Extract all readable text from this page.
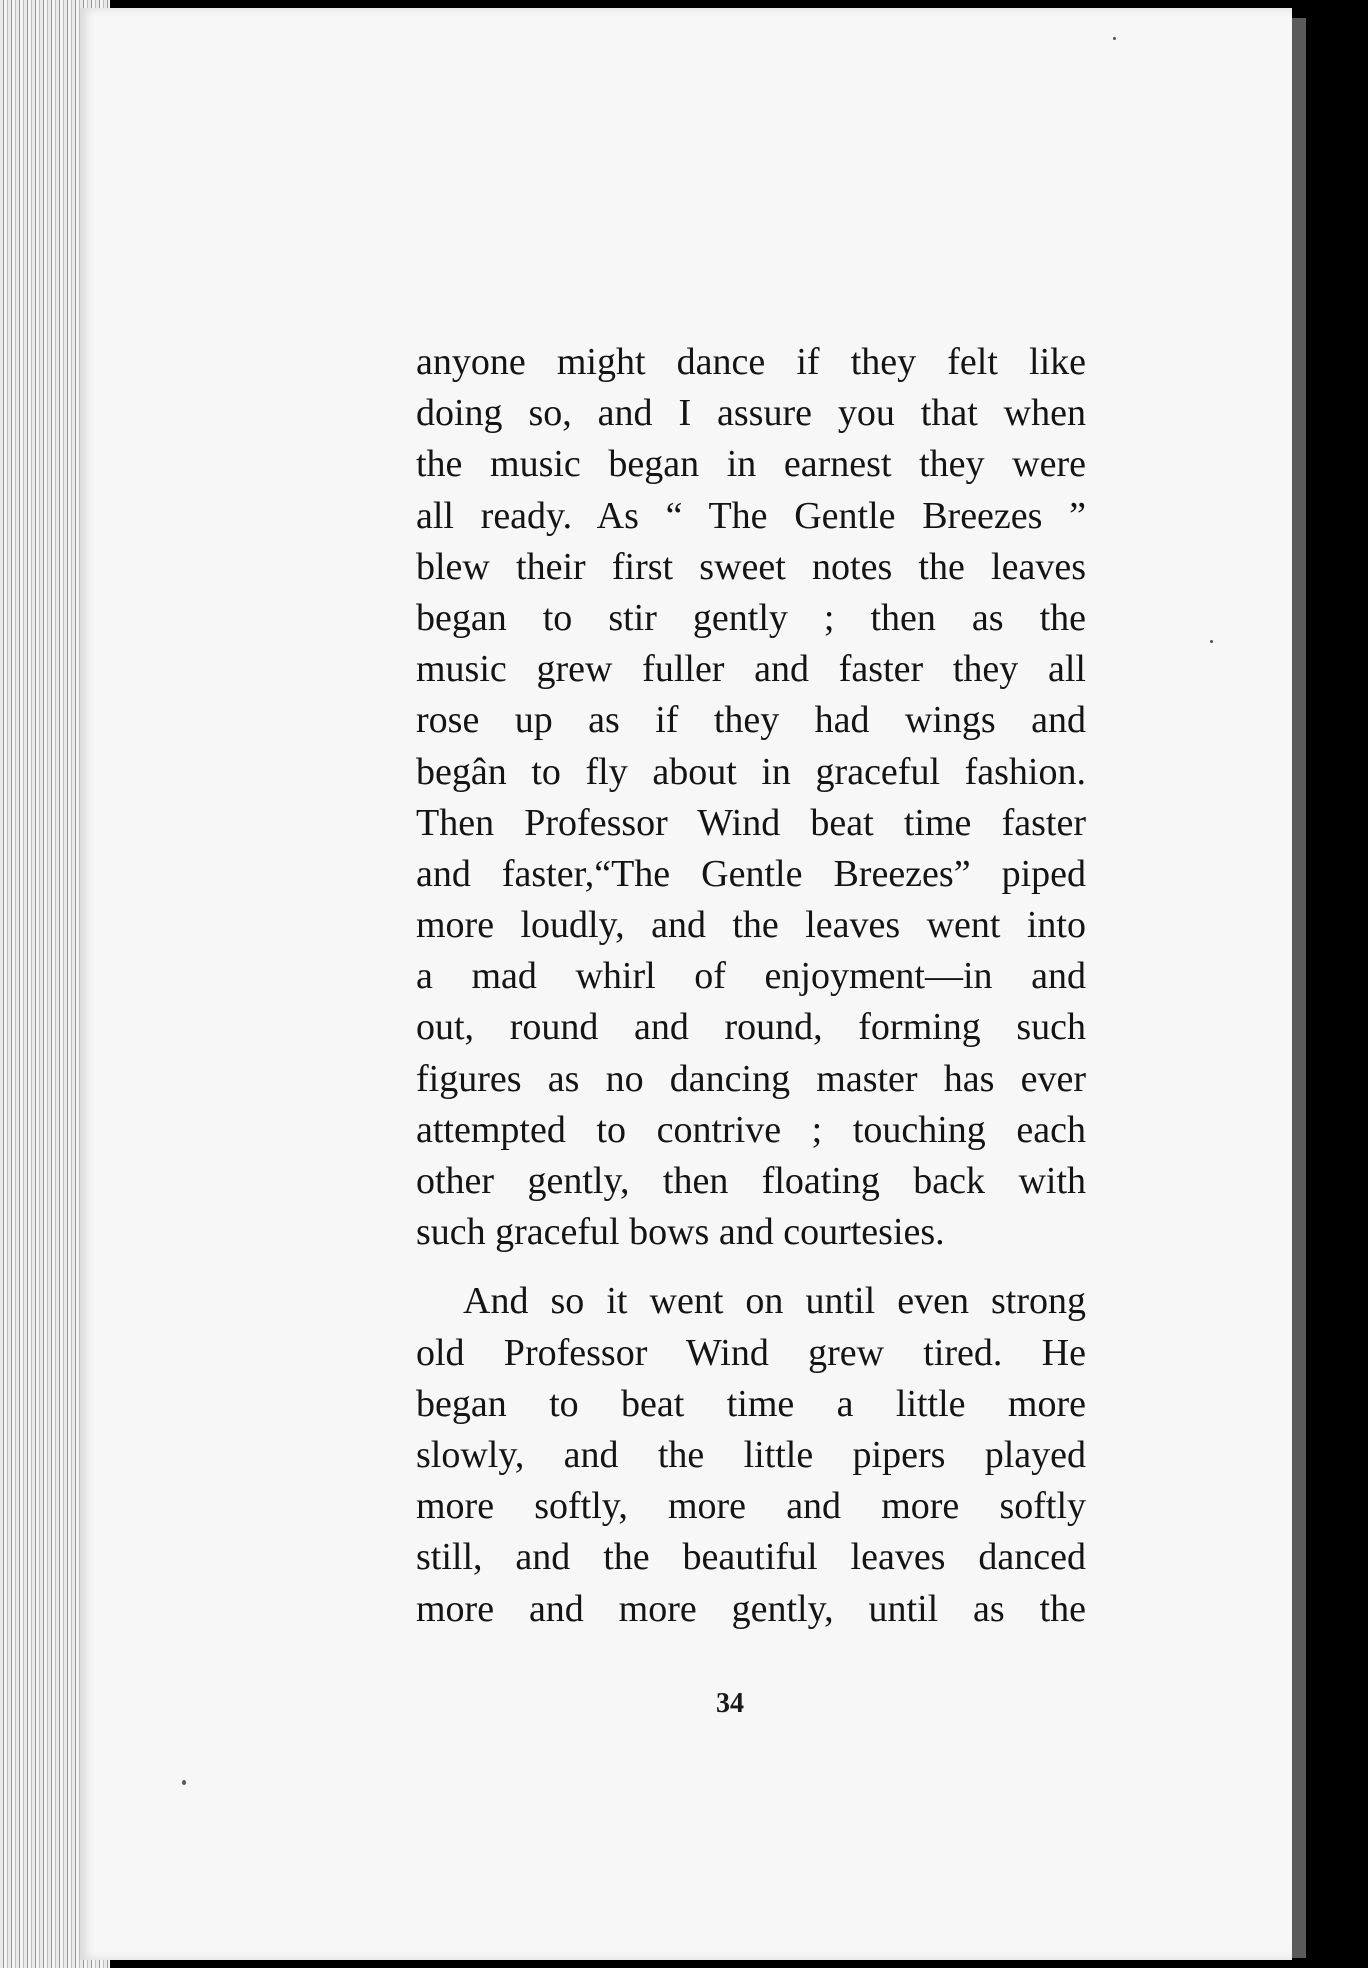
anyone might dance if they felt like
doing so, and I assure you that when
the music began in earnest they were
all ready. As “ The Gentle Breezes ”
blew their first sweet notes the leaves
began to stir gently ; then as the
music grew fuller and faster they all
rose up as if they had wings and
begân to fly about in graceful fashion.
Then Professor Wind beat time faster
and faster,“The Gentle Breezes” piped
more loudly, and the leaves went into
a mad whirl of enjoyment—in and
out, round and round, forming such
figures as no dancing master has ever
attempted to contrive ; touching each
other gently, then floating back with
such graceful bows and courtesies.
And so it went on until even strong
old Professor Wind grew tired. He
began to beat time a little more
slowly, and the little pipers played
more softly, more and more softly
still, and the beautiful leaves danced
more and more gently, until as the
34
